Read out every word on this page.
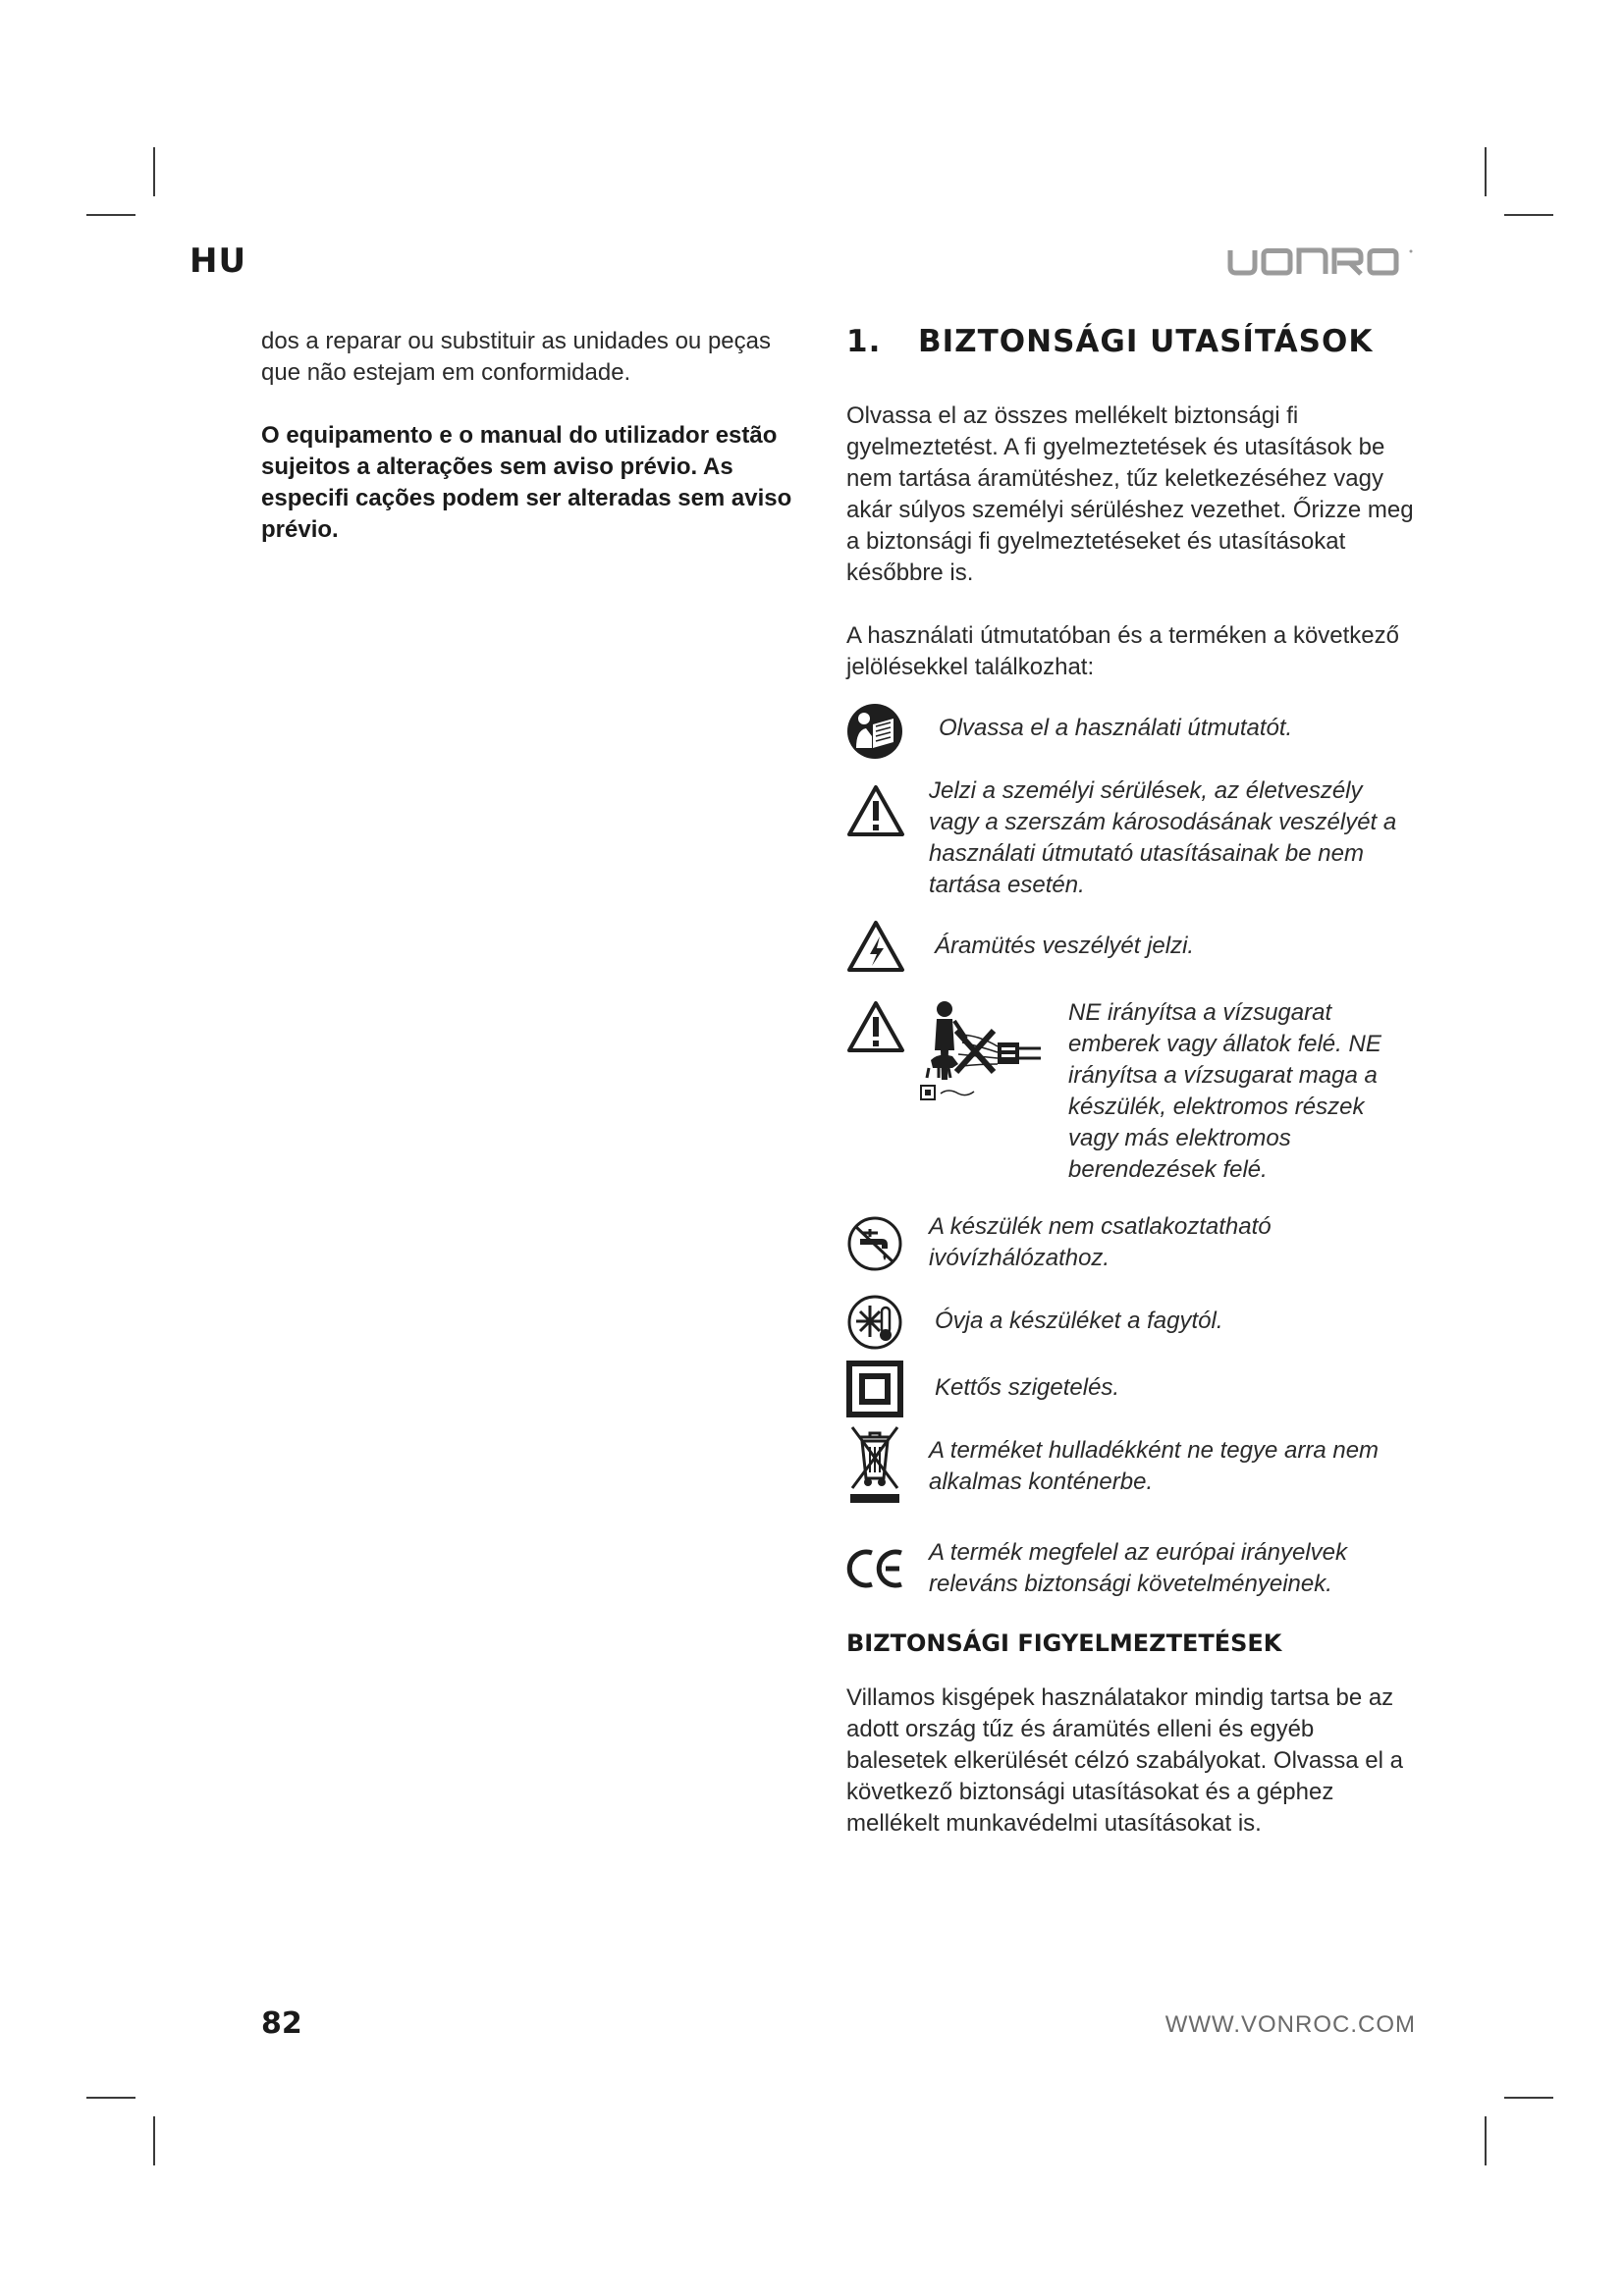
HU

dos a reparar ou substituir as unidades ou peças que não estejam em conformidade.

O equipamento e o manual do utilizador estão sujeitos a alterações sem aviso prévio. As especifi cações podem ser alteradas sem aviso prévio.

1. BIZTONSÁGI UTASÍTÁSOK

Olvassa el az összes mellékelt biztonsági fi gyelmeztetést. A fi gyelmeztetések és utasítások be nem tartása áramütéshez, tűz keletkezéséhez vagy akár súlyos személyi sérüléshez vezethet. Őrizze meg a biztonsági fi gyelmeztetéseket és utasításokat későbbre is.

A használati útmutatóban és a terméken a következő jelölésekkel találkozhat:

Olvassa el a használati útmutatót.
Jelzi a személyi sérülések, az életveszély vagy a szerszám károsodásának veszélyét a használati útmutató utasításainak be nem tartása esetén.
Áramütés veszélyét jelzi.
NE irányítsa a vízsugarat emberek vagy állatok felé. NE irányítsa a vízsugarat maga a készülék, elektromos részek vagy más elektromos berendezések felé.
A készülék nem csatlakoztatható ivóvízhálózathoz.
Óvja a készüléket a fagytól.
Kettős szigetelés.
A terméket hulladékként ne tegye arra nem alkalmas konténerbe.
A termék megfelel az európai irányelvek releváns biztonsági követelményeinek.
BIZTONSÁGI FIGYELMEZTETÉSEK

Villamos kisgépek használatakor mindig tartsa be az adott ország tűz és áramütés elleni és egyéb balesetek elkerülését célzó szabályokat. Olvassa el a következő biztonsági utasításokat és a géphez mellékelt munkavédelmi utasításokat is.

82	WWW.VONROC.COM
